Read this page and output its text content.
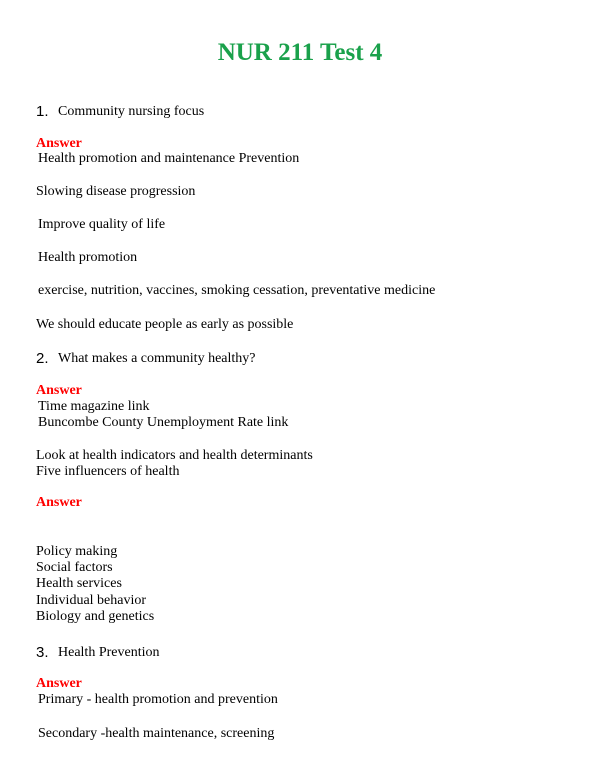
NUR 211 Test 4
1. Community nursing focus
Answer
Health promotion and maintenance Prevention
Slowing disease progression
Improve quality of life
Health promotion
exercise, nutrition, vaccines, smoking cessation, preventative medicine
We should educate people as early as possible
2. What makes a community healthy?
Answer
Time magazine link
Buncombe County Unemployment Rate link
Look at health indicators and health determinants
Five influencers of health
Answer
Policy making
Social factors
Health services
Individual behavior
Biology and genetics
3. Health Prevention
Answer
Primary - health promotion and prevention
Secondary -health maintenance, screening
